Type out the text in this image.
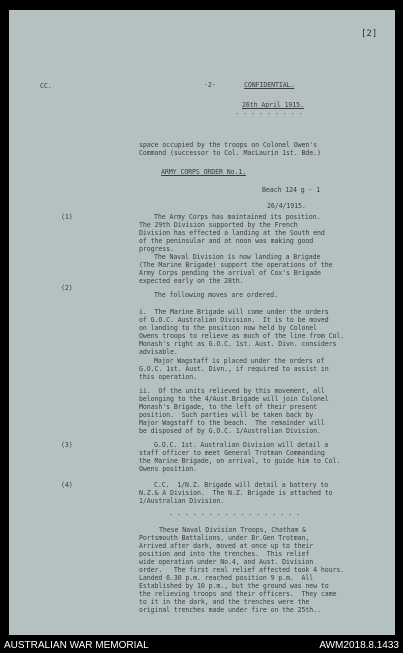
[2]
CC.	-2-	CONFIDENTIAL.
26th April 1915.
- - - - - - - - -
space occupied by the troops on Colonel Owen's
Command (successor to Col. MacLaurin 1st. Bde.)
ARMY CORPS ORDER No.1.
Beach 124 g - 1
26/4/1915.
(1)
(2)
(3)
(4)
The Army Corps has maintained its position.
The 29th Division supported by the French
Division has effected a landing at the South end
of the peninsular and at noon was making good
progress.
The Naval Division is now landing a Brigade
(The Marine Brigade) support the operations of the
Army Corps pending the arrival of Cox's Brigade
expected early on the 28th.
The following moves are ordered.
i.  The Marine Brigade will come under the orders
of G.O.C. Australian Division.  It is to be moved
on landing to the position now held by Colonel
Owens troops to relieve as much of the line from Col.
Monash's right as G.O.C. 1st. Aust. Divn. considers
advisable.
Major Wagstaff is placed under the orders of
G.O.C. 1st. Aust. Divn., if required to assist in
this operation.
ii.  Of the units relieved by this movement, all
belonging to the 4/Aust.Brigade will join Colonel
Monash's Brigade, to the left of their present
position.  Such parties will be taken back by
Major Wagstaff to the beach.  The remainder will
be disposed of by G.O.C. 1/Australian Division.
G.O.C. 1st. Australian Division will detail a
staff officer to meet General Trotman Commanding
the Marine Brigade, on arrival, to guide him to Col.
Owens position.
C.C.  1/N.Z. Brigade will detail a battery to
N.Z.& A Division.  The N.Z. Brigade is attached to
1/Australian Division.
- - - - - - - - - - - - - - - - -
These Naval Division Troops, Chatham &
Portsmouth Battalions, under Br.Gen Trotman,
Arrived after dark, moved at once up to their
position and into the trenches.  This relief
wide operation under No.4, and Aust. Division
order.   The first real relief affected took 4 hours.
Landed 6.30 p.m. reached position 9 p.m.  All
Established by 10 p.m., but the ground was new to
the relieving troops and their officers.  They came
to it in the dark, and the trenches were the
original trenches made under fire on the 25th..
AUSTRALIAN WAR MEMORIAL	AWM2018.8.1433
